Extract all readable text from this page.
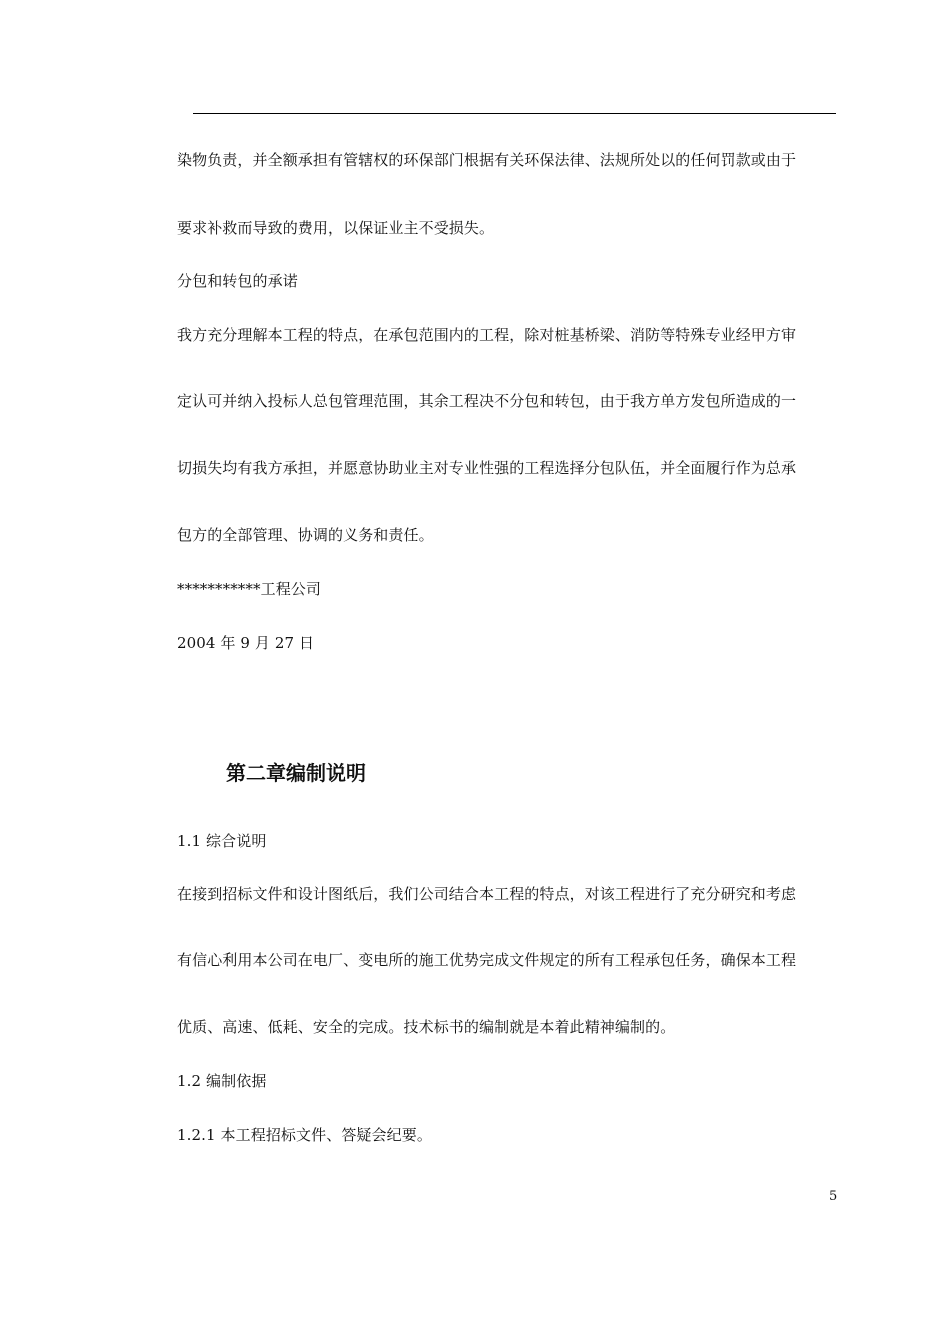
染物负责，并全额承担有管辖权的环保部门根据有关环保法律、法规所处以的任何罚款或由于
要求补救而导致的费用，以保证业主不受损失。
分包和转包的承诺
我方充分理解本工程的特点，在承包范围内的工程，除对桩基桥梁、消防等特殊专业经甲方审
定认可并纳入投标人总包管理范围，其余工程决不分包和转包，由于我方单方发包所造成的一
切损失均有我方承担，并愿意协助业主对专业性强的工程选择分包队伍，并全面履行作为总承
包方的全部管理、协调的义务和责任。
***********工程公司
2004 年 9 月 27 日
第二章编制说明
1.1 综合说明
在接到招标文件和设计图纸后，我们公司结合本工程的特点，对该工程进行了充分研究和考虑
有信心利用本公司在电厂、变电所的施工优势完成文件规定的所有工程承包任务，确保本工程
优质、高速、低耗、安全的完成。技术标书的编制就是本着此精神编制的。
1.2 编制依据
1.2.1 本工程招标文件、答疑会纪要。
5
